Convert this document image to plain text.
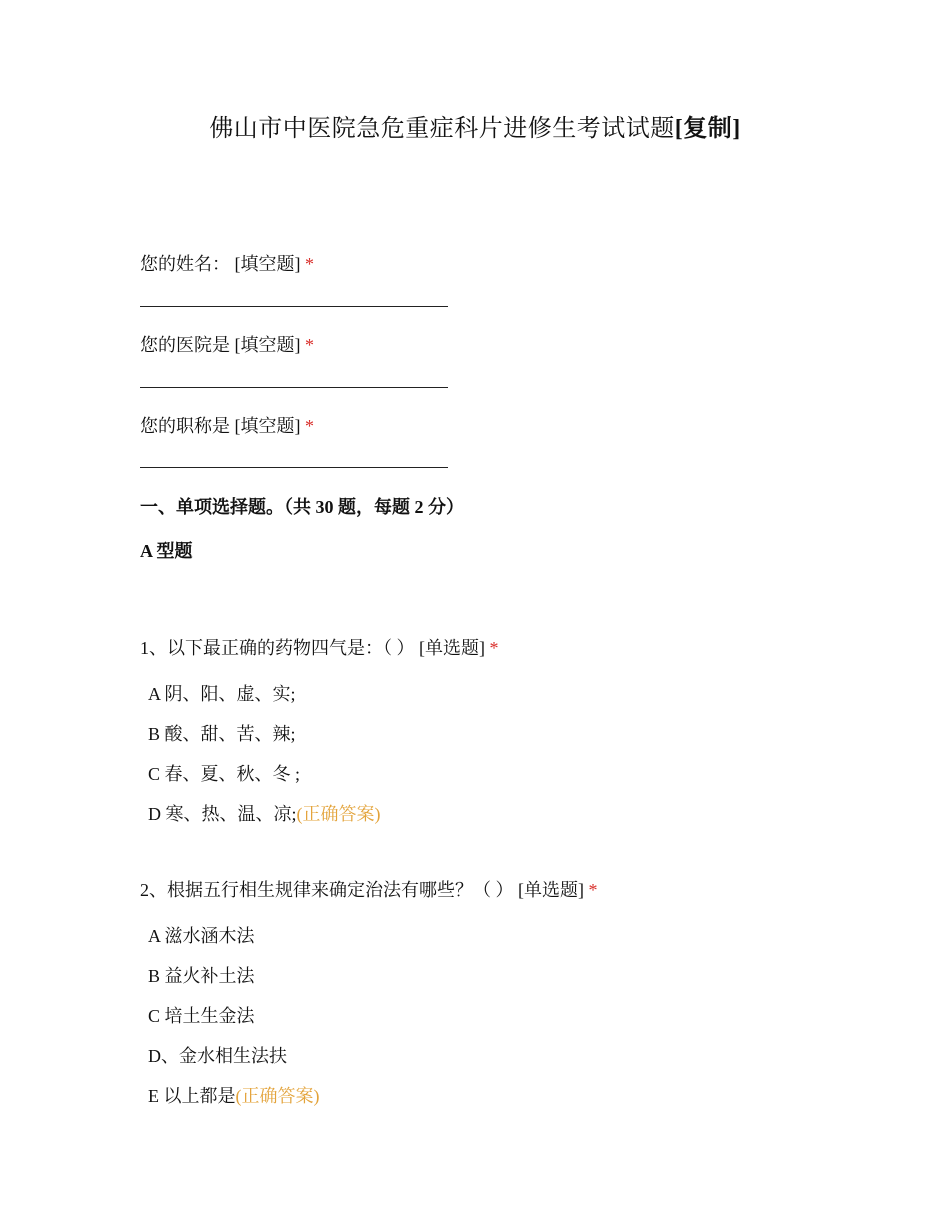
佛山市中医院急危重症科片进修生考试试题[复制]
您的姓名： [填空题] *
您的医院是 [填空题] *
您的职称是 [填空题] *
一、单项选择题。（共 30 题，每题 2 分）
A 型题
1、以下最正确的药物四气是：（ ） [单选题] *
A 阴、阳、虚、实;
B 酸、甜、苦、辣;
C 春、夏、秋、冬 ;
D 寒、热、温、凉;(正确答案)
2、根据五行相生规律来确定治法有哪些？（ ） [单选题] *
A 滋水涵木法
B 益火补土法
C 培土生金法
D、金水相生法扶
E 以上都是(正确答案)
